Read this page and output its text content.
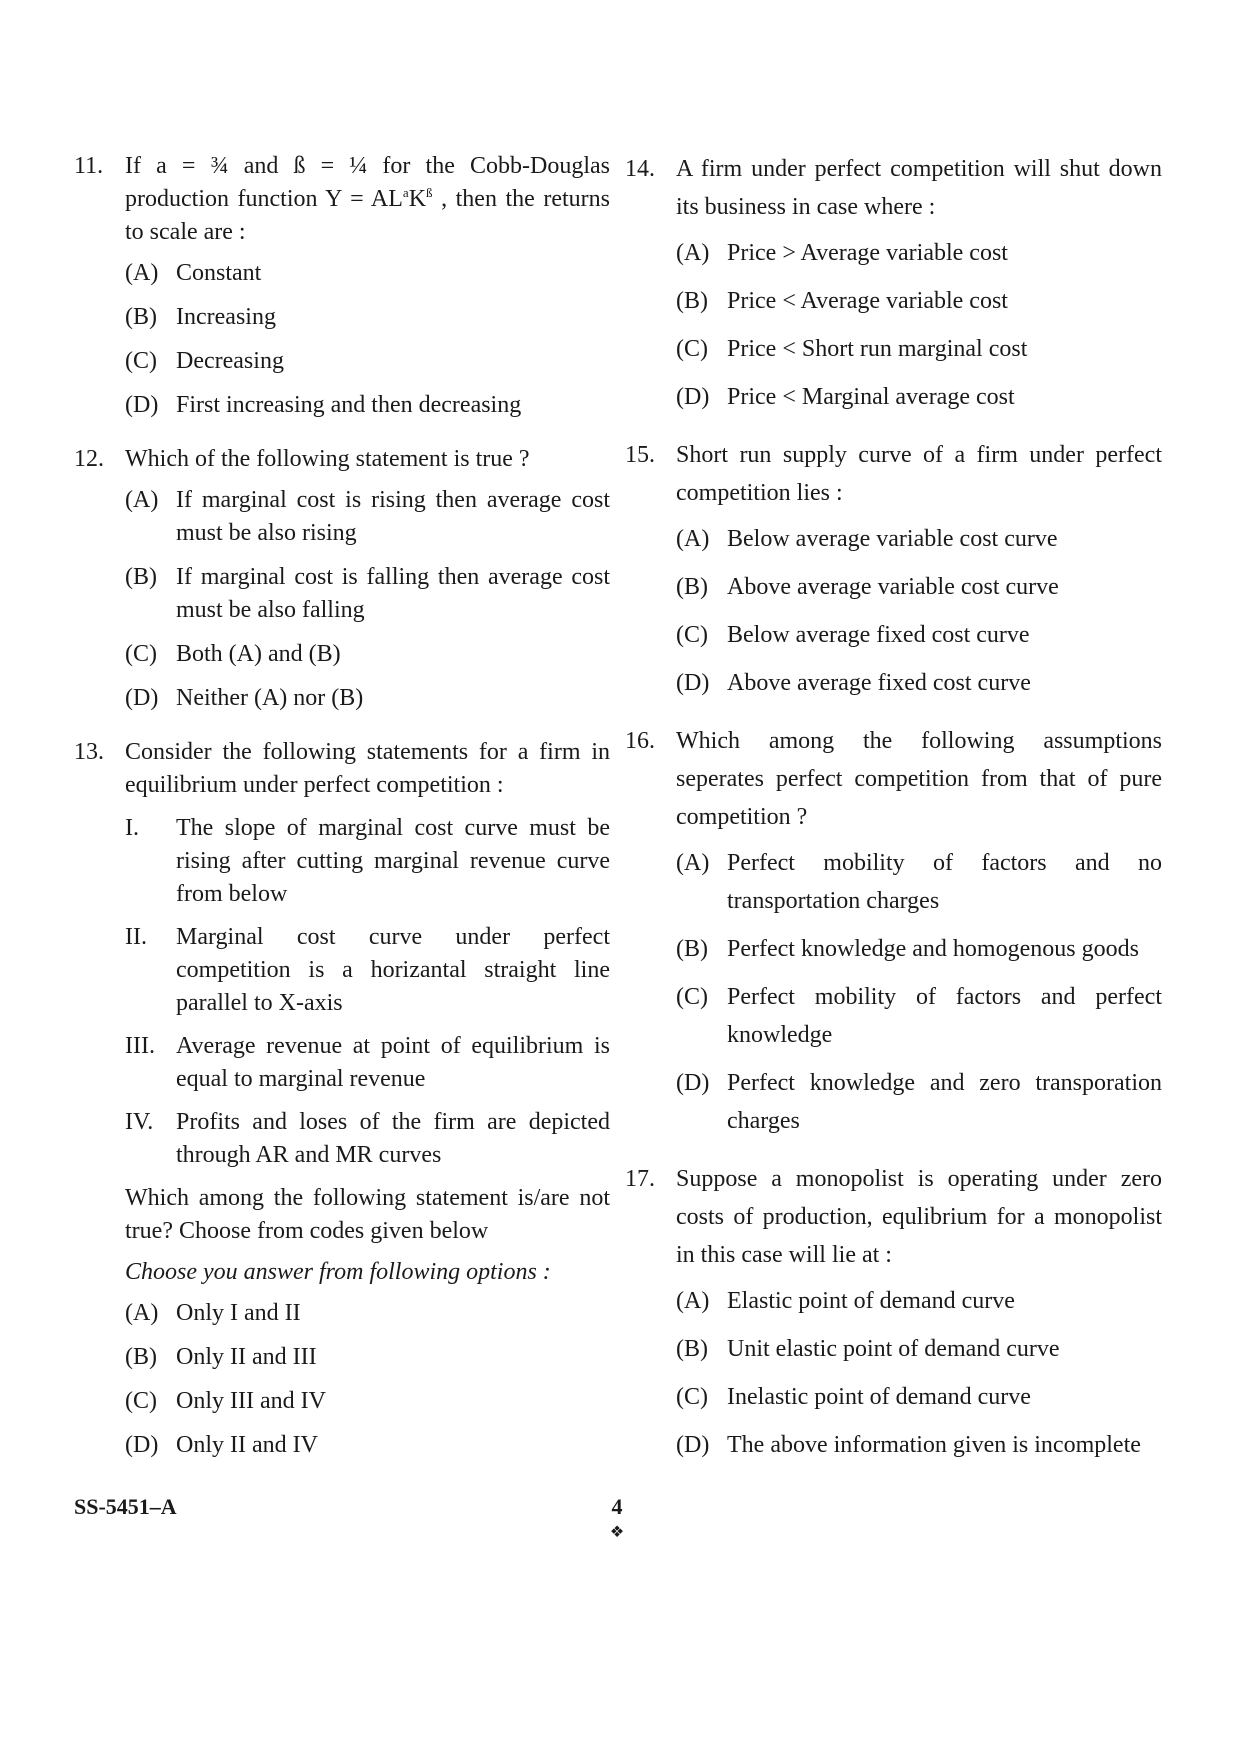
11. If a = ¾ and ß = ¼ for the Cobb-Douglas production function $Y = AL^aK^ß$ , then the returns to scale are :
(A) Constant
(B) Increasing
(C) Decreasing
(D) First increasing and then decreasing
12. Which of the following statement is true ?
(A) If marginal cost is rising then average cost must be also rising
(B) If marginal cost is falling then average cost must be also falling
(C) Both (A) and (B)
(D) Neither (A) nor (B)
13. Consider the following statements for a firm in equilibrium under perfect competition :
I.	The slope of marginal cost curve must be rising after cutting marginal revenue curve from below
II.	Marginal cost curve under perfect competition is a horizantal straight line parallel to X-axis
III. Average revenue at point of equilibrium is equal to marginal revenue
IV. Profits and loses of the firm are depicted through AR and MR curves
Which among the following statement is/are not true? Choose from codes given below
Choose you answer from following options :
(A) Only I and II
(B) Only II and III
(C) Only III and IV
(D) Only II and IV
14. A firm under perfect competition will shut down its business in case where :
(A) Price > Average variable cost
(B) Price < Average variable cost
(C) Price < Short run marginal cost
(D) Price < Marginal average cost
15. Short run supply curve of a firm under perfect competition lies :
(A) Below average variable cost curve
(B) Above average variable cost curve
(C) Below average fixed cost curve
(D) Above average fixed cost curve
16. Which among the following assumptions seperates perfect competition from that of pure competition ?
(A) Perfect mobility of factors and no transportation charges
(B) Perfect knowledge and homogenous goods
(C) Perfect mobility of factors and perfect knowledge
(D) Perfect knowledge and zero transporation charges
17. Suppose a monopolist is operating under zero costs of production, equlibrium for a monopolist in this case will lie at :
(A) Elastic point of demand curve
(B) Unit elastic point of demand curve
(C) Inelastic point of demand curve
(D) The above information given is incomplete
SS-5451–A	4
❖
